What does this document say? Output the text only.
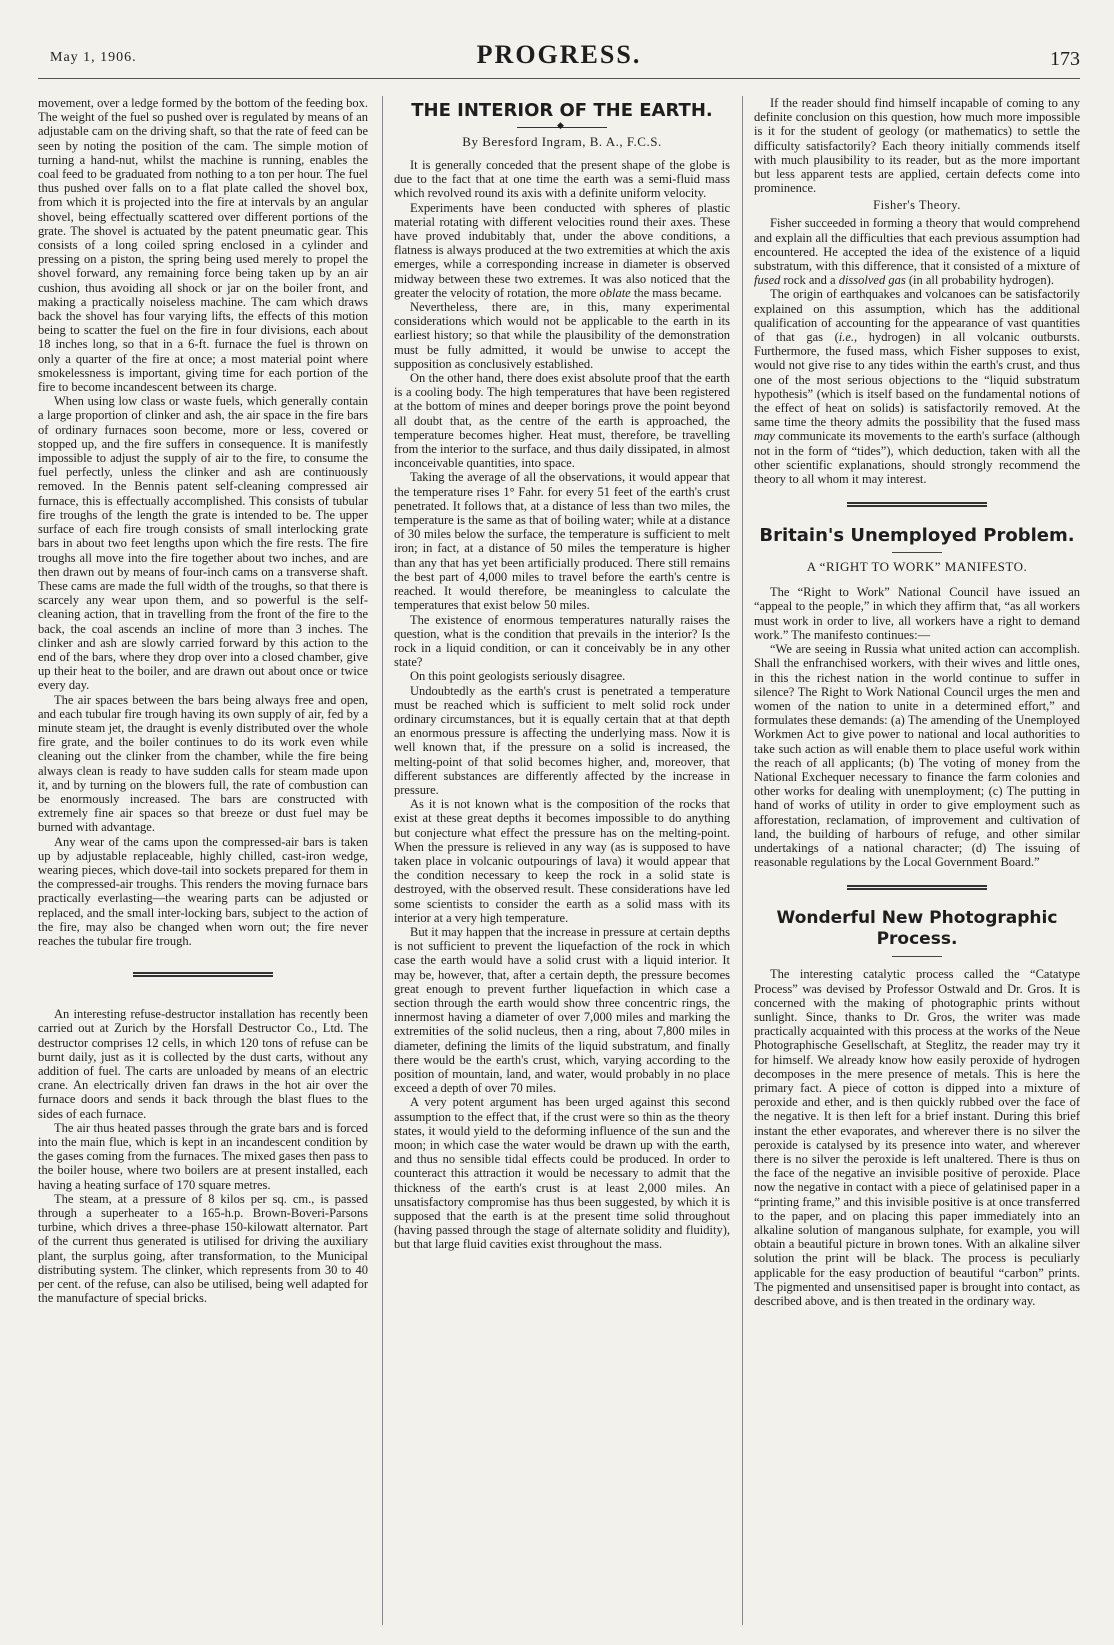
May 1, 1906.	PROGRESS.	173

movement, over a ledge formed by the bottom of the feeding box. The weight of the fuel so pushed over is regulated by means of an adjustable cam on the driving shaft, so that the rate of feed can be seen by noting the position of the cam. The simple motion of turning a hand-nut, whilst the machine is running, enables the coal feed to be graduated from nothing to a ton per hour. The fuel thus pushed over falls on to a flat plate called the shovel box, from which it is projected into the fire at intervals by an angular shovel, being effectually scattered over different portions of the grate. The shovel is actuated by the patent pneumatic gear. This consists of a long coiled spring enclosed in a cylinder and pressing on a piston, the spring being used merely to propel the shovel forward, any remaining force being taken up by an air cushion, thus avoiding all shock or jar on the boiler front, and making a practically noiseless machine. The cam which draws back the shovel has four varying lifts, the effects of this motion being to scatter the fuel on the fire in four divisions, each about 18 inches long, so that in a 6-ft. furnace the fuel is thrown on only a quarter of the fire at once; a most material point where smokelessness is important, giving time for each portion of the fire to become incandescent between its charge.

When using low class or waste fuels, which generally contain a large proportion of clinker and ash, the air space in the fire bars of ordinary furnaces soon become, more or less, covered or stopped up, and the fire suffers in consequence. It is manifestly impossible to adjust the supply of air to the fire, to consume the fuel perfectly, unless the clinker and ash are continuously removed. In the Bennis patent self-cleaning compressed air furnace, this is effectually accomplished. This consists of tubular fire troughs of the length the grate is intended to be. The upper surface of each fire trough consists of small interlocking grate bars in about two feet lengths upon which the fire rests. The fire troughs all move into the fire together about two inches, and are then drawn out by means of four-inch cams on a transverse shaft. These cams are made the full width of the troughs, so that there is scarcely any wear upon them, and so powerful is the self-cleaning action, that in travelling from the front of the fire to the back, the coal ascends an incline of more than 3 inches. The clinker and ash are slowly carried forward by this action to the end of the bars, where they drop over into a closed chamber, give up their heat to the boiler, and are drawn out about once or twice every day.

The air spaces between the bars being always free and open, and each tubular fire trough having its own supply of air, fed by a minute steam jet, the draught is evenly distributed over the whole fire grate, and the boiler continues to do its work even while cleaning out the clinker from the chamber, while the fire being always clean is ready to have sudden calls for steam made upon it, and by turning on the blowers full, the rate of combustion can be enormously increased. The bars are constructed with extremely fine air spaces so that breeze or dust fuel may be burned with advantage.

Any wear of the cams upon the compressed-air bars is taken up by adjustable replaceable, highly chilled, cast-iron wedge, wearing pieces, which dove-tail into sockets prepared for them in the compressed-air troughs. This renders the moving furnace bars practically everlasting—the wearing parts can be adjusted or replaced, and the small inter-locking bars, subject to the action of the fire, may also be changed when worn out; the fire never reaches the tubular fire trough.

An interesting refuse-destructor installation has recently been carried out at Zurich by the Horsfall Destructor Co., Ltd. The destructor comprises 12 cells, in which 120 tons of refuse can be burnt daily, just as it is collected by the dust carts, without any addition of fuel. The carts are unloaded by means of an electric crane. An electrically driven fan draws in the hot air over the furnace doors and sends it back through the blast flues to the sides of each furnace.

The air thus heated passes through the grate bars and is forced into the main flue, which is kept in an incandescent condition by the gases coming from the furnaces. The mixed gases then pass to the boiler house, where two boilers are at present installed, each having a heating surface of 170 square metres.

The steam, at a pressure of 8 kilos per sq. cm., is passed through a superheater to a 165-h.p. Brown-Boveri-Parsons turbine, which drives a three-phase 150-kilowatt alternator. Part of the current thus generated is utilised for driving the auxiliary plant, the surplus going, after transformation, to the Municipal distributing system. The clinker, which represents from 30 to 40 per cent. of the refuse, can also be utilised, being well adapted for the manufacture of special bricks.

THE INTERIOR OF THE EARTH.
◆
By Beresford Ingram, B. A., F.C.S.

It is generally conceded that the present shape of the globe is due to the fact that at one time the earth was a semi-fluid mass which revolved round its axis with a definite uniform velocity.

Experiments have been conducted with spheres of plastic material rotating with different velocities round their axes. These have proved indubitably that, under the above conditions, a flatness is always produced at the two extremities at which the axis emerges, while a corresponding increase in diameter is observed midway between these two extremes. It was also noticed that the greater the velocity of rotation, the more oblate the mass became.

Nevertheless, there are, in this, many experimental considerations which would not be applicable to the earth in its earliest history; so that while the plausibility of the demonstration must be fully admitted, it would be unwise to accept the supposition as conclusively established.

On the other hand, there does exist absolute proof that the earth is a cooling body. The high temperatures that have been registered at the bottom of mines and deeper borings prove the point beyond all doubt that, as the centre of the earth is approached, the temperature becomes higher. Heat must, therefore, be travelling from the interior to the surface, and thus daily dissipated, in almost inconceivable quantities, into space.

Taking the average of all the observations, it would appear that the temperature rises 1° Fahr. for every 51 feet of the earth's crust penetrated. It follows that, at a distance of less than two miles, the temperature is the same as that of boiling water; while at a distance of 30 miles below the surface, the temperature is sufficient to melt iron; in fact, at a distance of 50 miles the temperature is higher than any that has yet been artificially produced. There still remains the best part of 4,000 miles to travel before the earth's centre is reached. It would therefore, be meaningless to calculate the temperatures that exist below 50 miles.

The existence of enormous temperatures naturally raises the question, what is the condition that prevails in the interior? Is the rock in a liquid condition, or can it conceivably be in any other state?

On this point geologists seriously disagree.

Undoubtedly as the earth's crust is penetrated a temperature must be reached which is sufficient to melt solid rock under ordinary circumstances, but it is equally certain that at that depth an enormous pressure is affecting the underlying mass. Now it is well known that, if the pressure on a solid is increased, the melting-point of that solid becomes higher, and, moreover, that different substances are differently affected by the increase in pressure.

As it is not known what is the composition of the rocks that exist at these great depths it becomes impossible to do anything but conjecture what effect the pressure has on the melting-point. When the pressure is relieved in any way (as is supposed to have taken place in volcanic outpourings of lava) it would appear that the condition necessary to keep the rock in a solid state is destroyed, with the observed result. These considerations have led some scientists to consider the earth as a solid mass with its interior at a very high temperature.

But it may happen that the increase in pressure at certain depths is not sufficient to prevent the liquefaction of the rock in which case the earth would have a solid crust with a liquid interior. It may be, however, that, after a certain depth, the pressure becomes great enough to prevent further liquefaction in which case a section through the earth would show three concentric rings, the innermost having a diameter of over 7,000 miles and marking the extremities of the solid nucleus, then a ring, about 7,800 miles in diameter, defining the limits of the liquid substratum, and finally there would be the earth's crust, which, varying according to the position of mountain, land, and water, would probably in no place exceed a depth of over 70 miles.

A very potent argument has been urged against this second assumption to the effect that, if the crust were so thin as the theory states, it would yield to the deforming influence of the sun and the moon; in which case the water would be drawn up with the earth, and thus no sensible tidal effects could be produced. In order to counteract this attraction it would be necessary to admit that the thickness of the earth's crust is at least 2,000 miles. An unsatisfactory compromise has thus been suggested, by which it is supposed that the earth is at the present time solid throughout (having passed through the stage of alternate solidity and fluidity), but that large fluid cavities exist throughout the mass.

If the reader should find himself incapable of coming to any definite conclusion on this question, how much more impossible is it for the student of geology (or mathematics) to settle the difficulty satisfactorily? Each theory initially commends itself with much plausibility to its reader, but as the more important but less apparent tests are applied, certain defects come into prominence.

Fisher's Theory.

Fisher succeeded in forming a theory that would comprehend and explain all the difficulties that each previous assumption had encountered. He accepted the idea of the existence of a liquid substratum, with this difference, that it consisted of a mixture of fused rock and a dissolved gas (in all probability hydrogen).

The origin of earthquakes and volcanoes can be satisfactorily explained on this assumption, which has the additional qualification of accounting for the appearance of vast quantities of that gas (i.e., hydrogen) in all volcanic outbursts. Furthermore, the fused mass, which Fisher supposes to exist, would not give rise to any tides within the earth's crust, and thus one of the most serious objections to the “liquid substratum hypothesis” (which is itself based on the fundamental notions of the effect of heat on solids) is satisfactorily removed. At the same time the theory admits the possibility that the fused mass may communicate its movements to the earth's surface (although not in the form of “tides”), which deduction, taken with all the other scientific explanations, should strongly recommend the theory to all whom it may interest.

Britain's Unemployed Problem.
A “RIGHT TO WORK” MANIFESTO.

The “Right to Work” National Council have issued an “appeal to the people,” in which they affirm that, “as all workers must work in order to live, all workers have a right to demand work.” The manifesto continues:—

“We are seeing in Russia what united action can accomplish. Shall the enfranchised workers, with their wives and little ones, in this the richest nation in the world continue to suffer in silence? The Right to Work National Council urges the men and women of the nation to unite in a determined effort,” and formulates these demands: (a) The amending of the Unemployed Workmen Act to give power to national and local authorities to take such action as will enable them to place useful work within the reach of all applicants; (b) The voting of money from the National Exchequer necessary to finance the farm colonies and other works for dealing with unemployment; (c) The putting in hand of works of utility in order to give employment such as afforestation, reclamation, of improvement and cultivation of land, the building of harbours of refuge, and other similar undertakings of a national character; (d) The issuing of reasonable regulations by the Local Government Board.”

Wonderful New Photographic Process.

The interesting catalytic process called the “Catatype Process” was devised by Professor Ostwald and Dr. Gros. It is concerned with the making of photographic prints without sunlight. Since, thanks to Dr. Gros, the writer was made practically acquainted with this process at the works of the Neue Photographische Gesellschaft, at Steglitz, the reader may try it for himself. We already know how easily peroxide of hydrogen decomposes in the mere presence of metals. This is here the primary fact. A piece of cotton is dipped into a mixture of peroxide and ether, and is then quickly rubbed over the face of the negative. It is then left for a brief instant. During this brief instant the ether evaporates, and wherever there is no silver the peroxide is catalysed by its presence into water, and wherever there is no silver the peroxide is left unaltered. There is thus on the face of the negative an invisible positive of peroxide. Place now the negative in contact with a piece of gelatinised paper in a “printing frame,” and this invisible positive is at once transferred to the paper, and on placing this paper immediately into an alkaline solution of manganous sulphate, for example, you will obtain a beautiful picture in brown tones. With an alkaline silver solution the print will be black. The process is peculiarly applicable for the easy production of beautiful “carbon” prints. The pigmented and unsensitised paper is brought into contact, as described above, and is then treated in the ordinary way.
